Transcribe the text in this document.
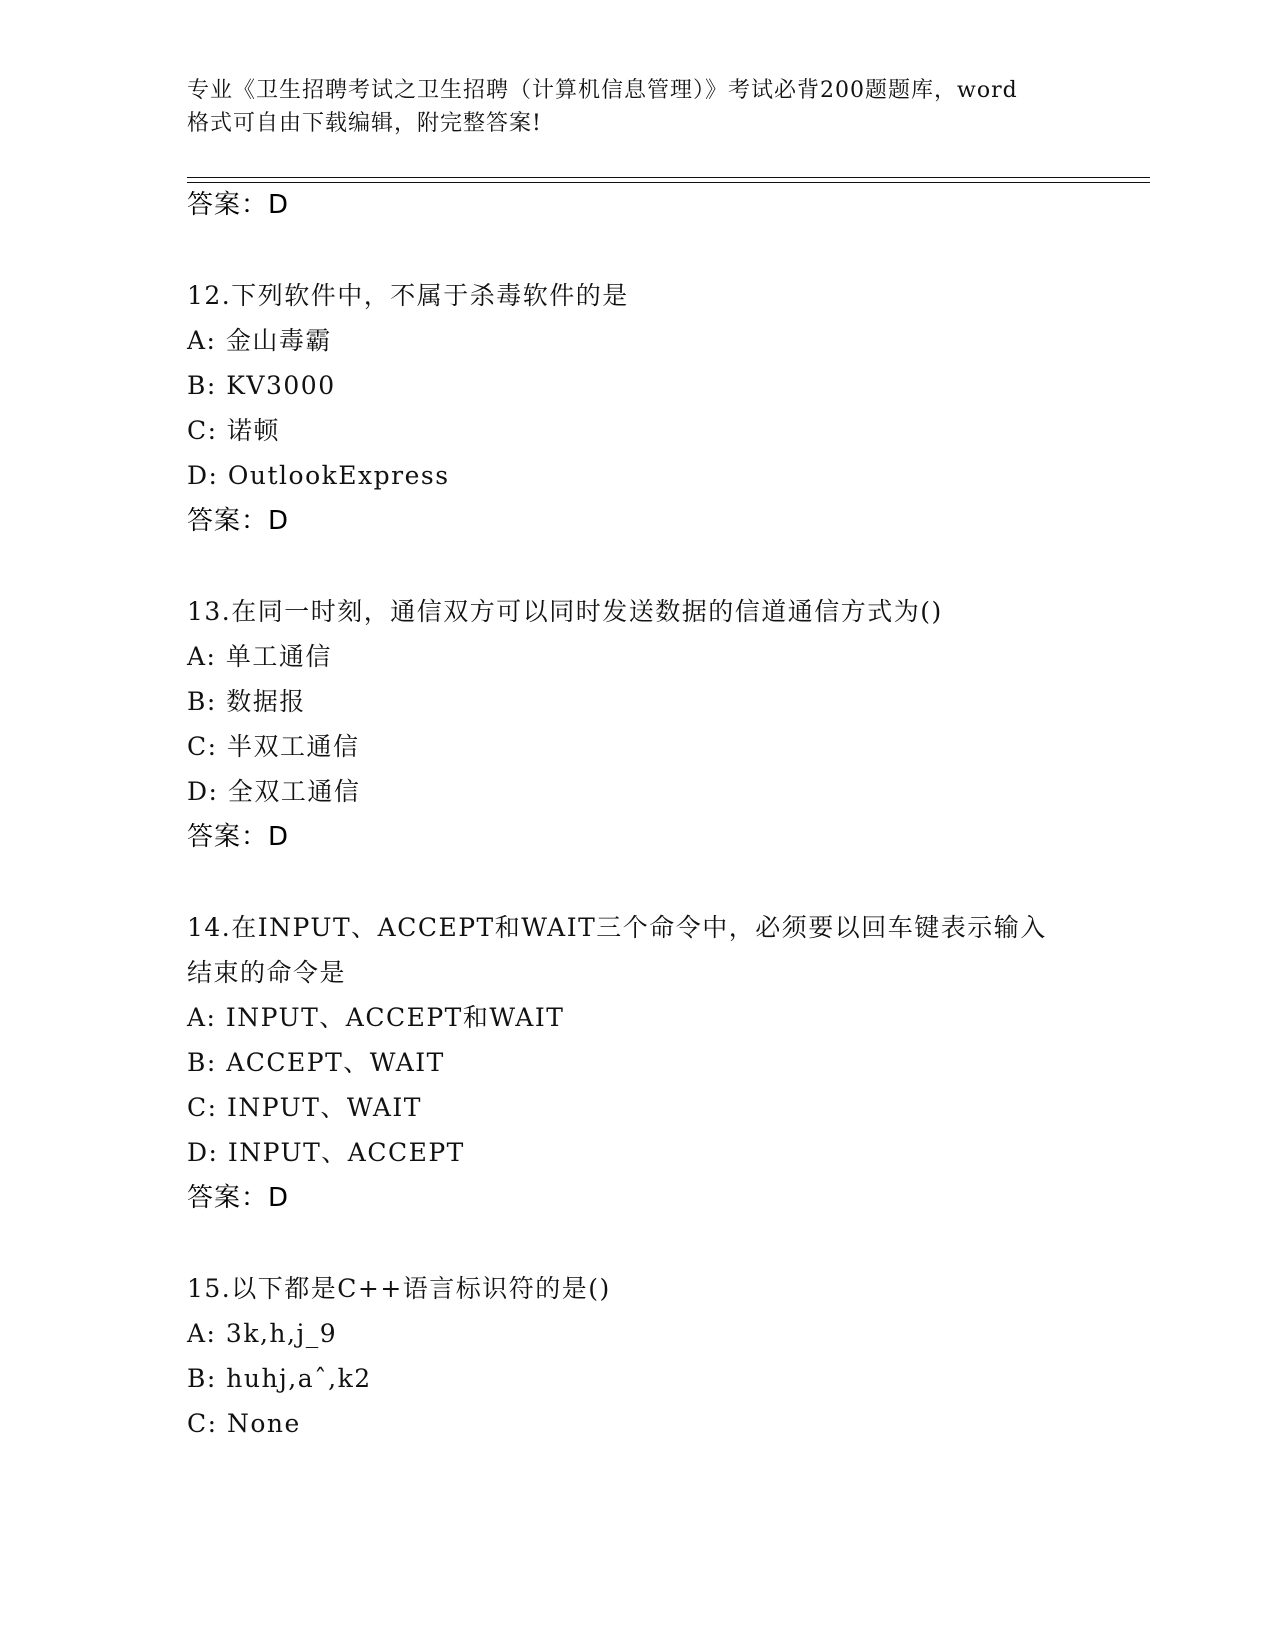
专业《卫生招聘考试之卫生招聘（计算机信息管理）》考试必背200题题库，word
格式可自由下载编辑，附完整答案!
答案：D
12.下列软件中，不属于杀毒软件的是
A: 金山毒霸
B: KV3000
C: 诺顿
D: OutlookExpress
答案：D
13.在同一时刻，通信双方可以同时发送数据的信道通信方式为()
A: 单工通信
B: 数据报
C: 半双工通信
D: 全双工通信
答案：D
14.在INPUT、ACCEPT和WAIT三个命令中，必须要以回车键表示输入
结束的命令是
A: INPUT、ACCEPT和WAIT
B: ACCEPT、WAIT
C: INPUT、WAIT
D: INPUT、ACCEPT
答案：D
15.以下都是C++语言标识符的是()
A: 3k,h,j_9
B: huhj,aˆ,k2
C: None
